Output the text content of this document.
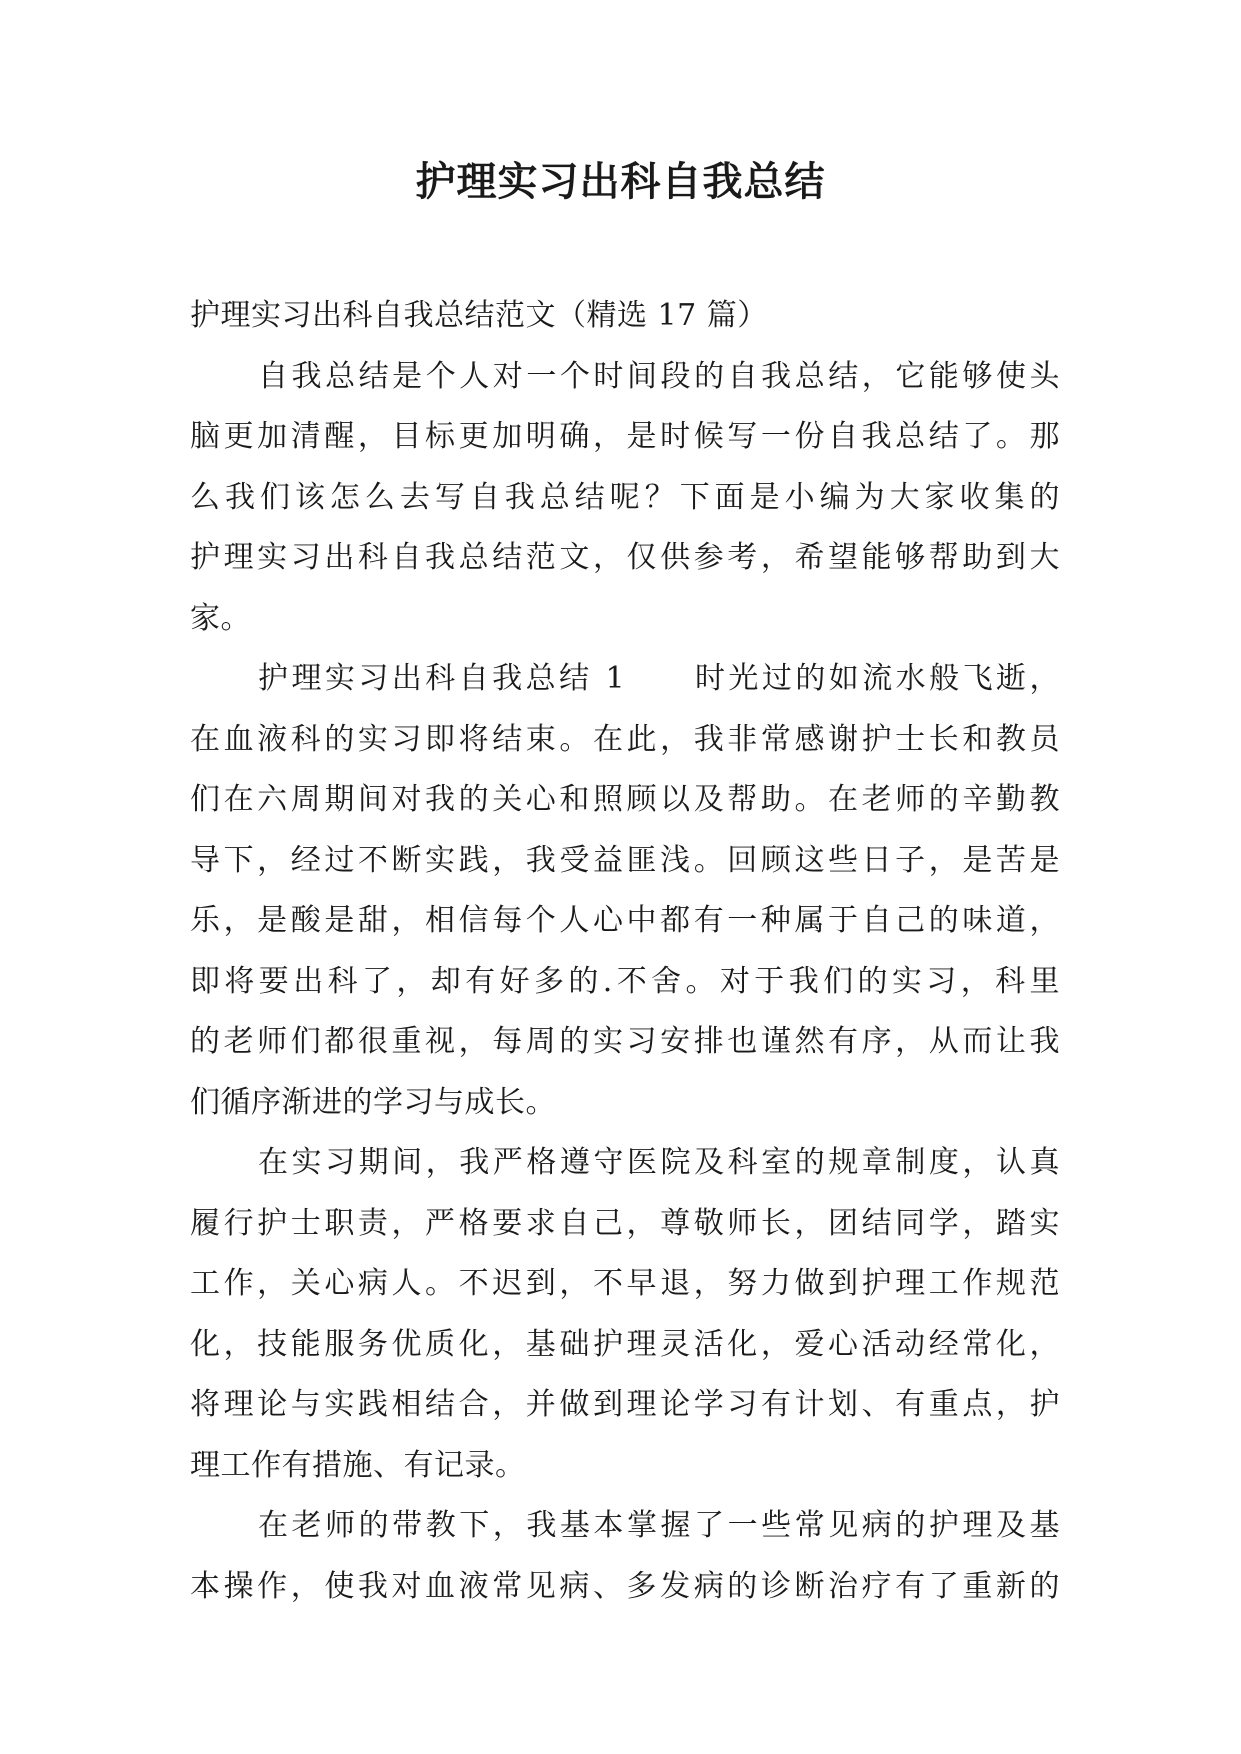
护理实习出科自我总结
护理实习出科自我总结范文（精选 17 篇）
自我总结是个人对一个时间段的自我总结，它能够使头
脑更加清醒，目标更加明确，是时候写一份自我总结了。那
么我们该怎么去写自我总结呢？下面是小编为大家收集的
护理实习出科自我总结范文，仅供参考，希望能够帮助到大
家。
护理实习出科自我总结 1　　时光过的如流水般飞逝，
在血液科的实习即将结束。在此，我非常感谢护士长和教员
们在六周期间对我的关心和照顾以及帮助。在老师的辛勤教
导下，经过不断实践，我受益匪浅。回顾这些日子，是苦是
乐，是酸是甜，相信每个人心中都有一种属于自己的味道，
即将要出科了，却有好多的.不舍。对于我们的实习，科里
的老师们都很重视，每周的实习安排也谨然有序，从而让我
们循序渐进的学习与成长。
在实习期间，我严格遵守医院及科室的规章制度，认真
履行护士职责，严格要求自己，尊敬师长，团结同学，踏实
工作，关心病人。不迟到，不早退，努力做到护理工作规范
化，技能服务优质化，基础护理灵活化，爱心活动经常化，
将理论与实践相结合，并做到理论学习有计划、有重点，护
理工作有措施、有记录。
在老师的带教下，我基本掌握了一些常见病的护理及基
本操作，使我对血液常见病、多发病的诊断治疗有了重新的
